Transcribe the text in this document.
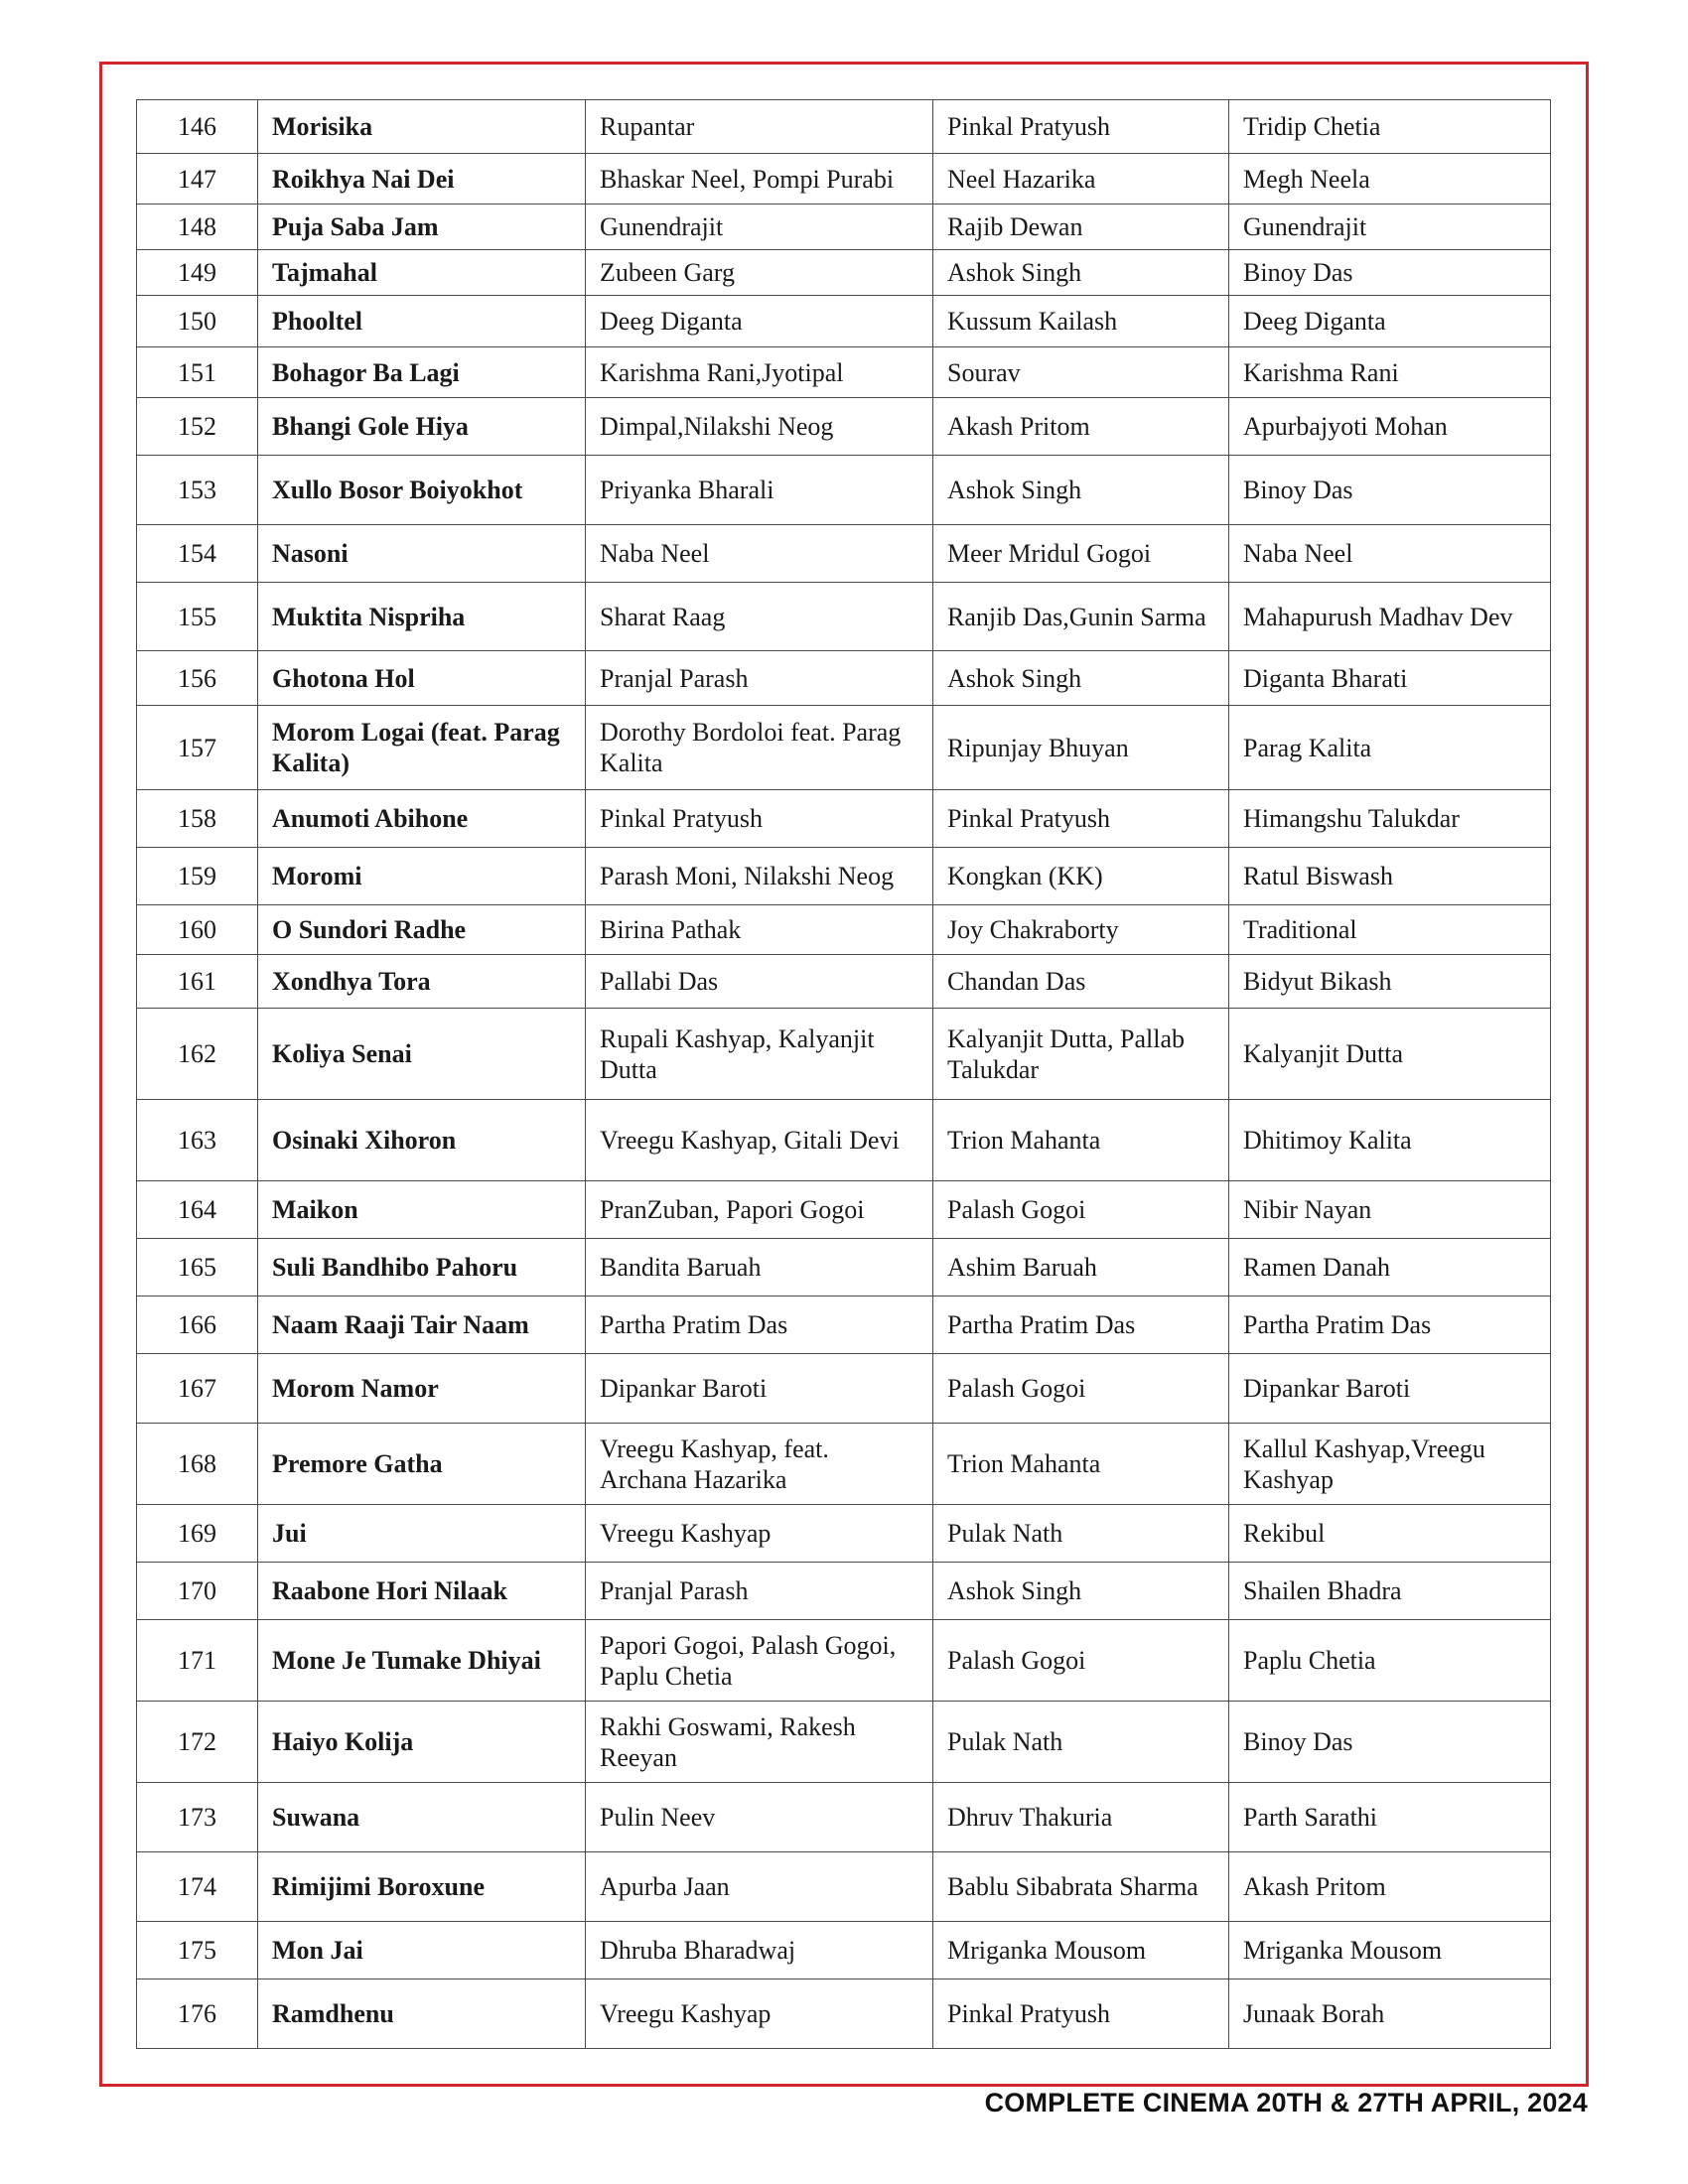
146	Morisika	Rupantar	Pinkal Pratyush	Tridip Chetia
147	Roikhya Nai Dei	Bhaskar Neel, Pompi Purabi	Neel Hazarika	Megh Neela
148	Puja Saba Jam	Gunendrajit	Rajib Dewan	Gunendrajit
149	Tajmahal	Zubeen Garg	Ashok Singh	Binoy Das
150	Phooltel	Deeg Diganta	Kussum Kailash	Deeg Diganta
151	Bohagor Ba Lagi	Karishma Rani,Jyotipal	Sourav	Karishma Rani
152	Bhangi Gole Hiya	Dimpal,Nilakshi Neog	Akash Pritom	Apurbajyoti Mohan
153	Xullo Bosor Boiyokhot	Priyanka Bharali	Ashok Singh	Binoy Das
154	Nasoni	Naba Neel	Meer Mridul Gogoi	Naba Neel
155	Muktita Nispriha	Sharat Raag	Ranjib Das,Gunin Sarma	Mahapurush Madhav Dev
156	Ghotona Hol	Pranjal Parash	Ashok Singh	Diganta Bharati
157	Morom Logai (feat. Parag Kalita)	Dorothy Bordoloi feat. Parag Kalita	Ripunjay Bhuyan	Parag Kalita
158	Anumoti Abihone	Pinkal Pratyush	Pinkal Pratyush	Himangshu Talukdar
159	Moromi	Parash Moni, Nilakshi Neog	Kongkan (KK)	Ratul Biswash
160	O Sundori Radhe	Birina Pathak	Joy Chakraborty	Traditional
161	Xondhya Tora	Pallabi Das	Chandan Das	Bidyut Bikash
162	Koliya Senai	Rupali Kashyap, Kalyanjit Dutta	Kalyanjit Dutta, Pallab Talukdar	Kalyanjit Dutta
163	Osinaki Xihoron	Vreegu Kashyap, Gitali Devi	Trion Mahanta	Dhitimoy Kalita
164	Maikon	PranZuban, Papori Gogoi	Palash Gogoi	Nibir Nayan
165	Suli Bandhibo Pahoru	Bandita Baruah	Ashim Baruah	Ramen Danah
166	Naam Raaji Tair Naam	Partha Pratim Das	Partha Pratim Das	Partha Pratim Das
167	Morom Namor	Dipankar Baroti	Palash Gogoi	Dipankar Baroti
168	Premore Gatha	Vreegu Kashyap, feat. Archana Hazarika	Trion Mahanta	Kallul Kashyap,Vreegu Kashyap
169	Jui	Vreegu Kashyap	Pulak Nath	Rekibul
170	Raabone Hori Nilaak	Pranjal Parash	Ashok Singh	Shailen Bhadra
171	Mone Je Tumake Dhiyai	Papori Gogoi, Palash Gogoi, Paplu Chetia	Palash Gogoi	Paplu Chetia
172	Haiyo Kolija	Rakhi Goswami, Rakesh Reeyan	Pulak Nath	Binoy Das
173	Suwana	Pulin Neev	Dhruv Thakuria	Parth Sarathi
174	Rimijimi Boroxune	Apurba Jaan	Bablu Sibabrata Sharma	Akash Pritom
175	Mon Jai	Dhruba Bharadwaj	Mriganka Mousom	Mriganka Mousom
176	Ramdhenu	Vreegu Kashyap	Pinkal Pratyush	Junaak Borah
COMPLETE CINEMA 20TH & 27TH APRIL, 2024
